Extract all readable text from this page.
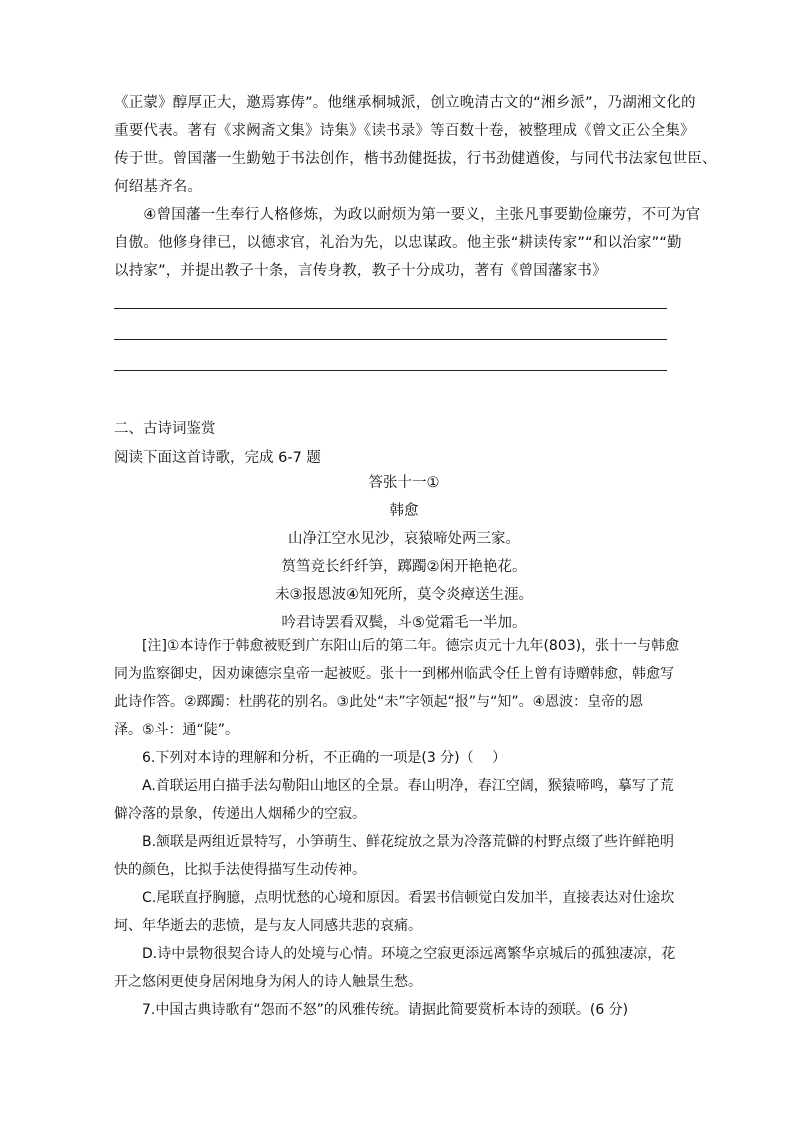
《正蒙》醇厚正大，邀焉寡俦”。他继承桐城派，创立晚清古文的“湘乡派”，乃湖湘文化的
重要代表。著有《求阙斋文集》诗集》《读书录》等百数十卷，被整理成《曾文正公全集》
传于世。曾国藩一生勤勉于书法创作，楷书劲健挺拔，行书劲健遒俊，与同代书法家包世臣、
何绍基齐名。
　　④曾国藩一生奉行人格修炼，为政以耐烦为第一要义，主张凡事要勤俭廉劳，不可为官
自傲。他修身律已，以德求官，礼治为先，以忠谋政。他主张“耕读传家”“和以治家”“勤
以持家”，并提出教子十条，言传身教，教子十分成功，著有《曾国藩家书》
二、古诗词鉴赏
阅读下面这首诗歌，完成 6-7 题
答张十一①
韩愈
山净江空水见沙，哀猿啼处两三家。
筼筜竞长纤纤笋，踯躅②闲开艳艳花。
未③报恩波④知死所，莫令炎瘴送生涯。
吟君诗罢看双鬓，斗⑤觉霜毛一半加。
　　[注]①本诗作于韩愈被贬到广东阳山后的第二年。德宗贞元十九年(803)，张十一与韩愈
同为监察御史，因劝谏德宗皇帝一起被贬。张十一到郴州临武令任上曾有诗赠韩愈，韩愈写
此诗作答。②踯躅：杜鹃花的别名。③此处“未”字领起“报”与“知”。④恩波：皇帝的恩
泽。⑤斗：通“陡”。
　　6.下列对本诗的理解和分析，不正确的一项是(3 分)（　 ）
　　A.首联运用白描手法勾勒阳山地区的全景。春山明净，春江空阔，猴猿啼鸣，摹写了荒
僻冷落的景象，传递出人烟稀少的空寂。
　　B.颔联是两组近景特写，小笋萌生、鲜花绽放之景为冷落荒僻的村野点缀了些许鲜艳明
快的颜色，比拟手法使得描写生动传神。
　　C.尾联直抒胸臆，点明忧愁的心境和原因。看罢书信顿觉白发加半，直接表达对仕途坎
坷、年华逝去的悲愤，是与友人同感共悲的哀痛。
　　D.诗中景物很契合诗人的处境与心情。环境之空寂更添远离繁华京城后的孤独凄凉，花
开之悠闲更使身居闲地身为闲人的诗人触景生愁。
　　7.中国古典诗歌有“怨而不怒”的风雅传统。请据此简要赏析本诗的颈联。(6 分)
